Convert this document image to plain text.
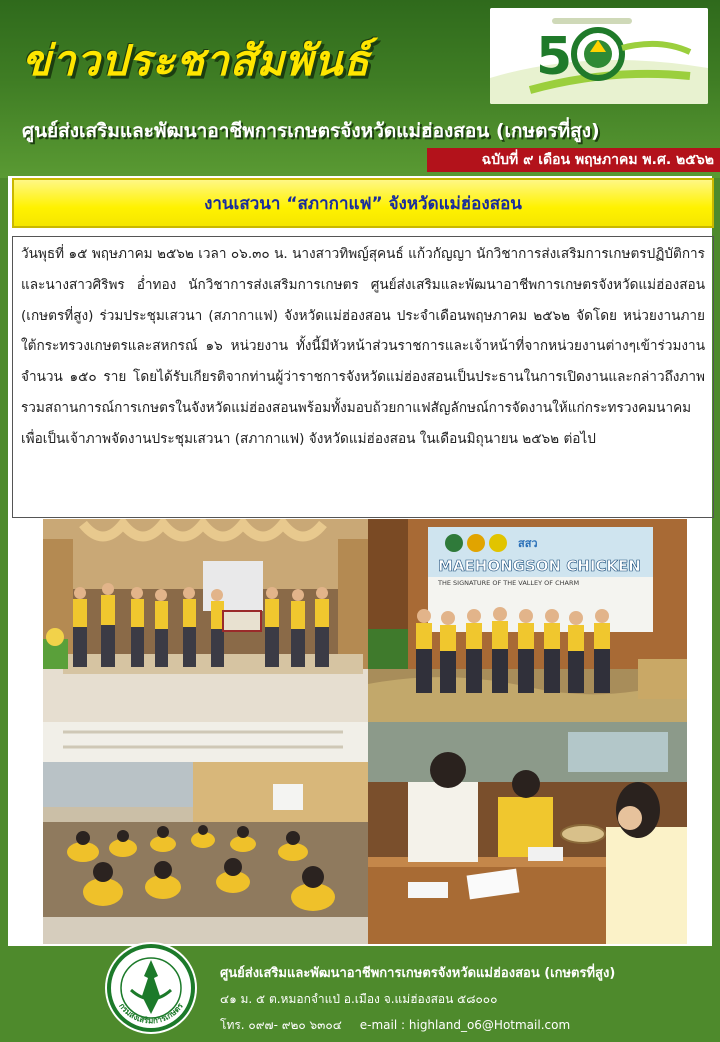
ข่าวประชาสัมพันธ์
ศูนย์ส่งเสริมและพัฒนาอาชีพการเกษตรจังหวัดแม่ฮ่องสอน (เกษตรที่สูง)
5
ฉบับที่ ๙ เดือน พฤษภาคม พ.ศ. ๒๕๖๒
งานเสวนา “สภากาแฟ” จังหวัดแม่ฮ่องสอน

วันพุธที่ ๑๕ พฤษภาคม ๒๕๖๒ เวลา ๐๖.๓๐ น. นางสาวทิพญ์สุคนธ์ แก้วกัญญา นักวิชาการส่งเสริมการเกษตรปฏิบัติการ และนางสาวศิริพร อ่ำทอง นักวิชาการส่งเสริมการเกษตร ศูนย์ส่งเสริมและพัฒนาอาชีพการเกษตรจังหวัดแม่ฮ่องสอน (เกษตรที่สูง) ร่วมประชุมเสวนา (สภากาแฟ) จังหวัดแม่ฮ่องสอน ประจำเดือนพฤษภาคม ๒๕๖๒ จัดโดย หน่วยงานภายใต้กระทรวงเกษตรและสหกรณ์ ๑๖ หน่วยงาน ทั้งนี้มีหัวหน้าส่วนราชการและเจ้าหน้าที่จากหน่วยงานต่างๆเข้าร่วมงาน จำนวน ๑๕๐ ราย โดยได้รับเกียรติจากท่านผู้ว่าราชการจังหวัดแม่ฮ่องสอนเป็นประธานในการเปิดงานและกล่าวถึงภาพรวมสถานการณ์การเกษตรในจังหวัดแม่ฮ่องสอนพร้อมทั้งมอบถ้วยกาแฟสัญลักษณ์การจัดงานให้แก่กระทรวงคมนาคมเพื่อเป็นเจ้าภาพจัดงานประชุมเสวนา (สภากาแฟ) จังหวัดแม่ฮ่องสอน ในเดือนมิถุนายน ๒๕๖๒ ต่อไป

สสว
MAEHONGSON CHICKEN
THE SIGNATURE OF THE VALLEY OF CHARM
กรมส่งเสริมการเกษตร
ศูนย์ส่งเสริมและพัฒนาอาชีพการเกษตรจังหวัดแม่ฮ่องสอน (เกษตรที่สูง)
๔๑ ม. ๕ ต.หมอกจำแป่ อ.เมือง จ.แม่ฮ่องสอน ๕๘๐๐๐
โทร. ๐๙๗- ๙๒๐ ๖๓๐๔ e-mail : highland_o6@Hotmail.com
